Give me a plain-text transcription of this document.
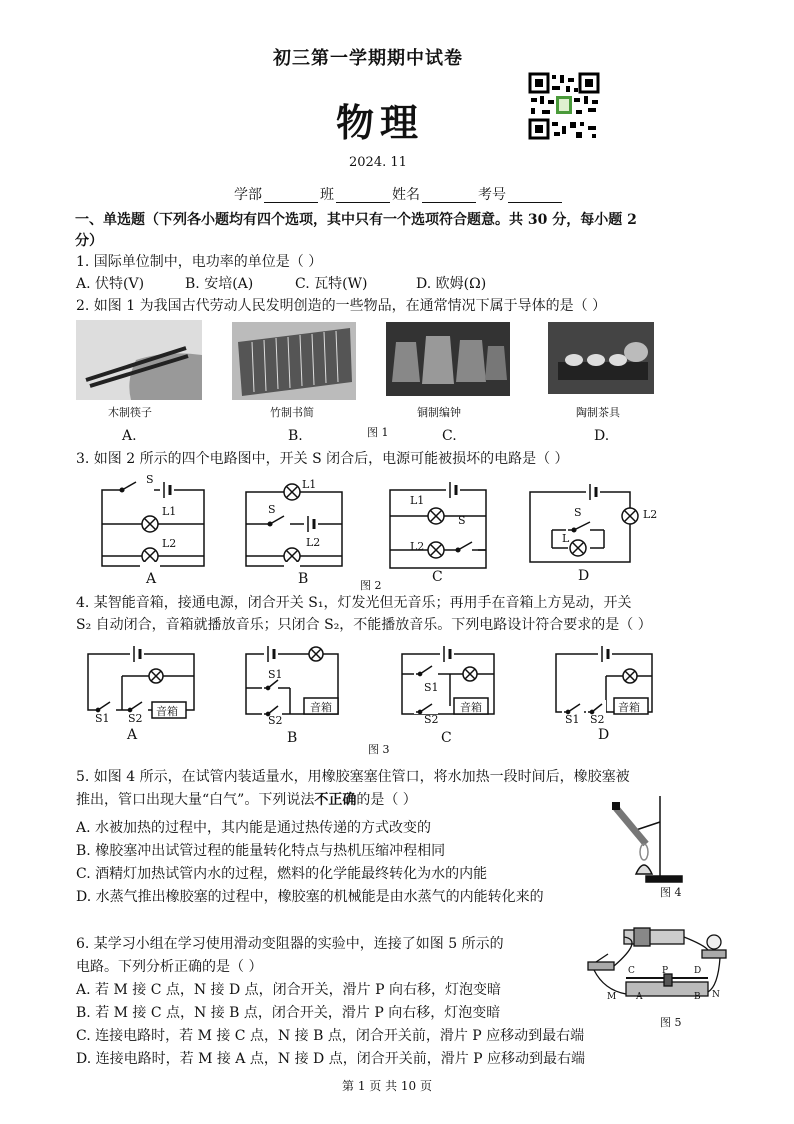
初三第一学期期中试卷
物理
2024. 11
学部	班	姓名	考号
一、单选题（下列各小题均有四个选项，其中只有一个选项符合题意。共 30 分，每小题 2
分）
1. 国际单位制中，电功率的单位是（ ）
A. 伏特(V)	B. 安培(A)	C. 瓦特(W)	D. 欧姆(Ω)
2. 如图 1 为我国古代劳动人民发明创造的一些物品，在通常情况下属于导体的是（ ）
木制筷子	竹制书简	铜制编钟	陶制茶具
A.	B.	图 1	C.	D.
3. 如图 2 所示的四个电路图中，开关 S 闭合后，电源可能被损坏的电路是（ ）
S
L1
L2
L1
S
L2
L1
S
L2
S
L
L2
A	B	图 2
C	D
4. 某智能音箱，接通电源，闭合开关 S₁，灯发光但无音乐；再用手在音箱上方晃动，开关
S₂ 自动闭合，音箱就播放音乐；只闭合 S₂，不能播放音乐。下列电路设计符合要求的是（ ）
音箱
S1 S2
音箱
S1
S2
音箱
S1
S2
音箱
S1 S2
A	B
图 3
C	D
5. 如图 4 所示，在试管内装适量水，用橡胶塞塞住管口，将水加热一段时间后，橡胶塞被
推出，管口出现大量“白气”。下列说法不正确的是（ ）
A. 水被加热的过程中，其内能是通过热传递的方式改变的
B. 橡胶塞冲出试管过程的能量转化特点与热机压缩冲程相同
C. 酒精灯加热试管内水的过程，燃料的化学能最终转化为水的内能
D. 水蒸气推出橡胶塞的过程中，橡胶塞的机械能是由水蒸气的内能转化来的	图 4
6. 某学习小组在学习使用滑动变阻器的实验中，连接了如图 5 所示的
电路。下列分析正确的是（ ）
A. 若 M 接 C 点，N 接 D 点，闭合开关，滑片 P 向右移，灯泡变暗
B. 若 M 接 C 点，N 接 B 点，闭合开关，滑片 P 向右移，灯泡变暗
C. 连接电路时，若 M 接 C 点，N 接 B 点，闭合开关前，滑片 P 应移动到最右端
D. 连接电路时，若 M 接 A 点，N 接 D 点，闭合开关前，滑片 P 应移动到最右端
C	P	D
M A	B N
图 5
第 1 页 共 10 页
